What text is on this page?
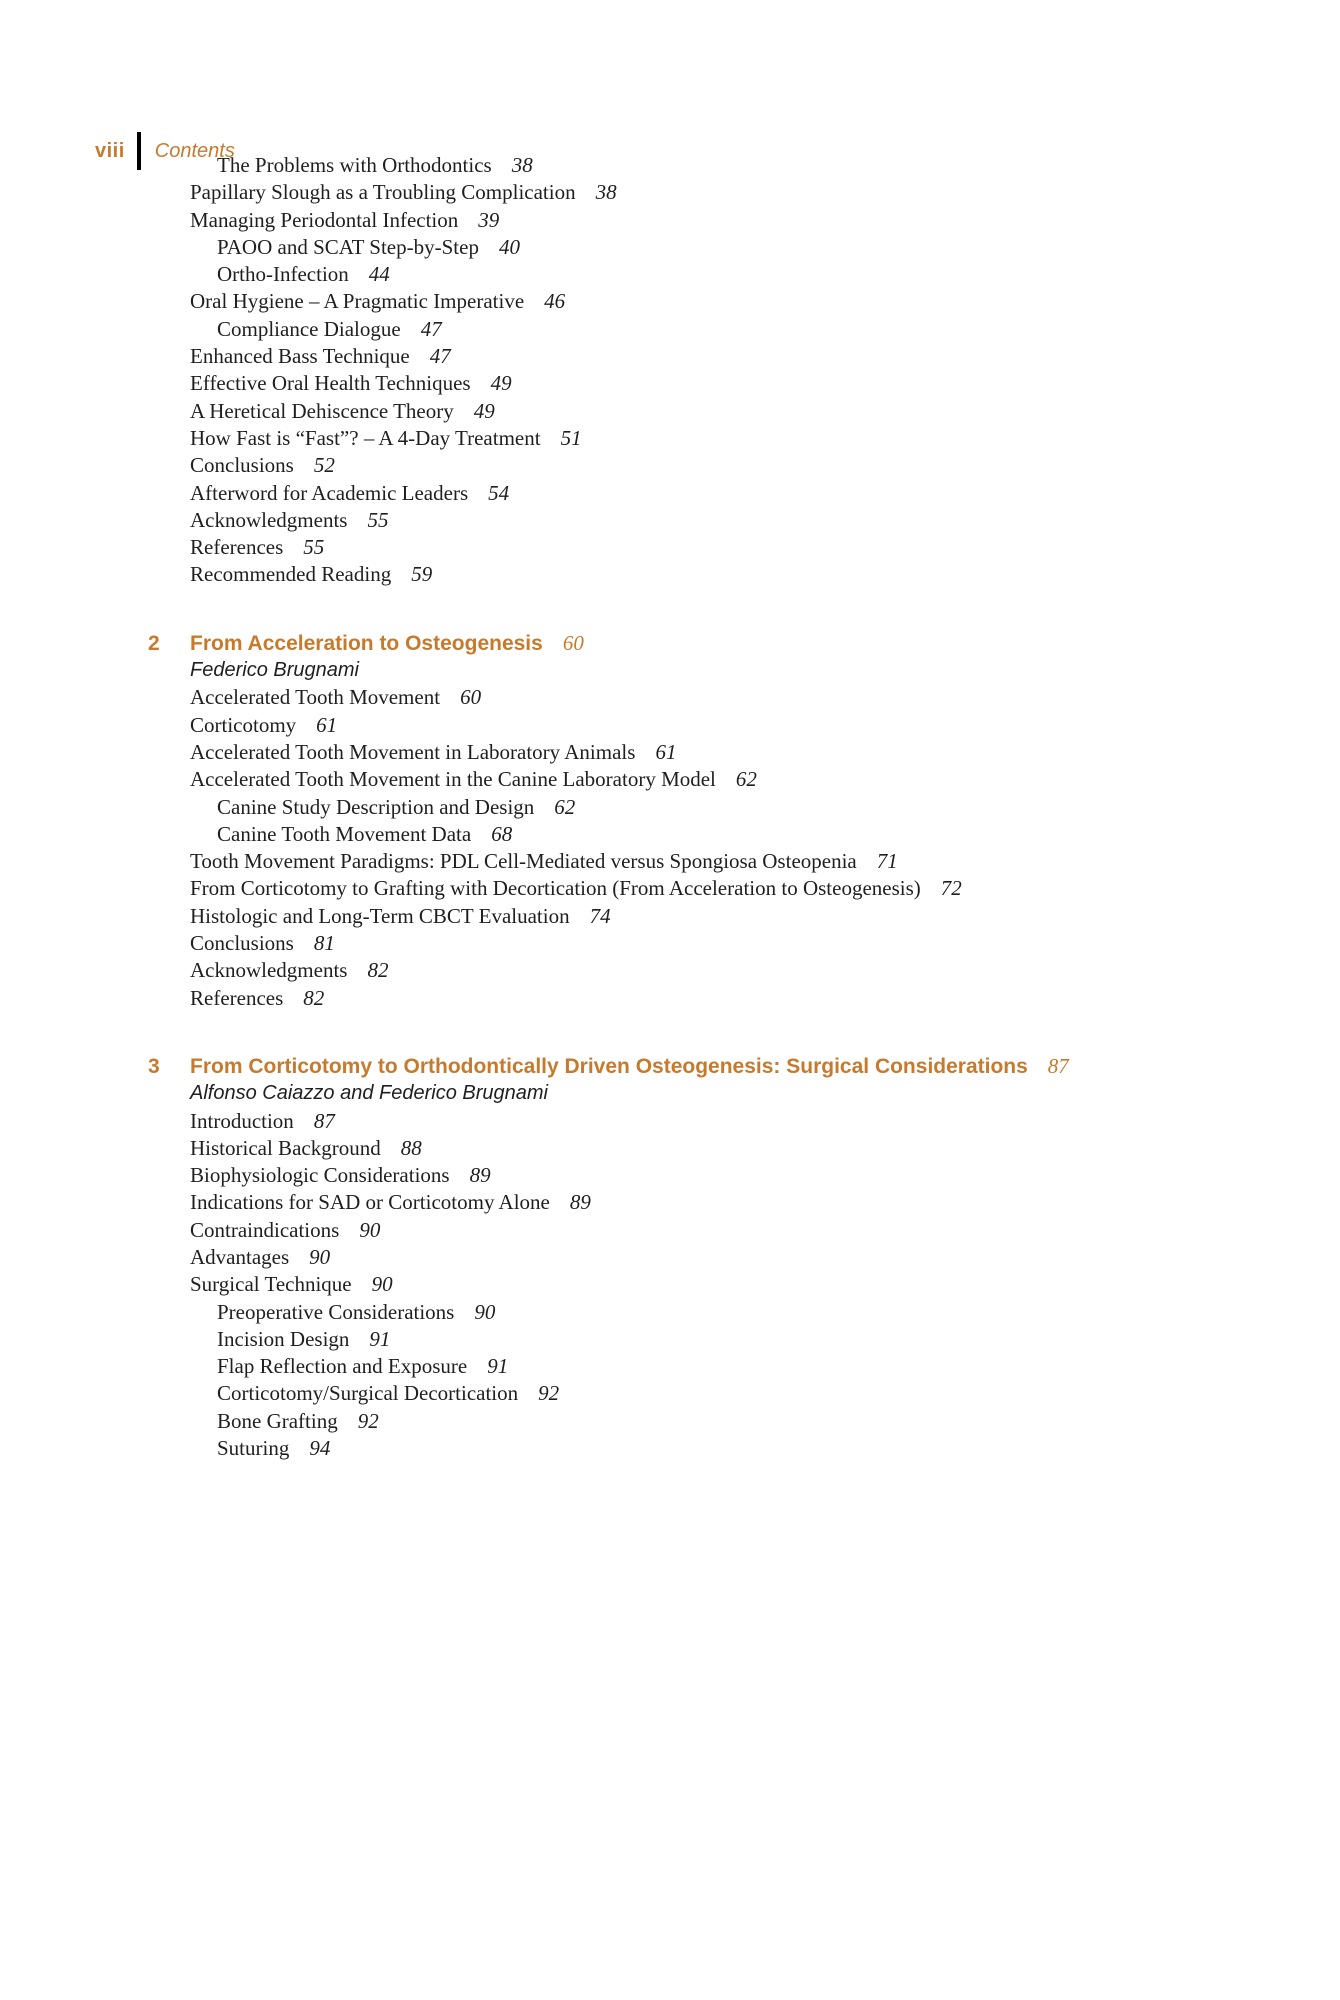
viii Contents
The Problems with Orthodontics 38
Papillary Slough as a Troubling Complication 38
Managing Periodontal Infection 39
PAOO and SCAT Step-by-Step 40
Ortho-Infection 44
Oral Hygiene – A Pragmatic Imperative 46
Compliance Dialogue 47
Enhanced Bass Technique 47
Effective Oral Health Techniques 49
A Heretical Dehiscence Theory 49
How Fast is “Fast”? – A 4-Day Treatment 51
Conclusions 52
Afterword for Academic Leaders 54
Acknowledgments 55
References 55
Recommended Reading 59
2	From Acceleration to Osteogenesis 60
Federico Brugnami
Accelerated Tooth Movement 60
Corticotomy 61
Accelerated Tooth Movement in Laboratory Animals 61
Accelerated Tooth Movement in the Canine Laboratory Model 62
Canine Study Description and Design 62
Canine Tooth Movement Data 68
Tooth Movement Paradigms: PDL Cell-Mediated versus Spongiosa Osteopenia 71
From Corticotomy to Grafting with Decortication (From Acceleration to Osteogenesis) 72
Histologic and Long-Term CBCT Evaluation 74
Conclusions 81
Acknowledgments 82
References 82
3	From Corticotomy to Orthodontically Driven Osteogenesis: Surgical Considerations 87
Alfonso Caiazzo and Federico Brugnami
Introduction 87
Historical Background 88
Biophysiologic Considerations 89
Indications for SAD or Corticotomy Alone 89
Contraindications 90
Advantages 90
Surgical Technique 90
Preoperative Considerations 90
Incision Design 91
Flap Reflection and Exposure 91
Corticotomy/Surgical Decortication 92
Bone Grafting 92
Suturing 94
